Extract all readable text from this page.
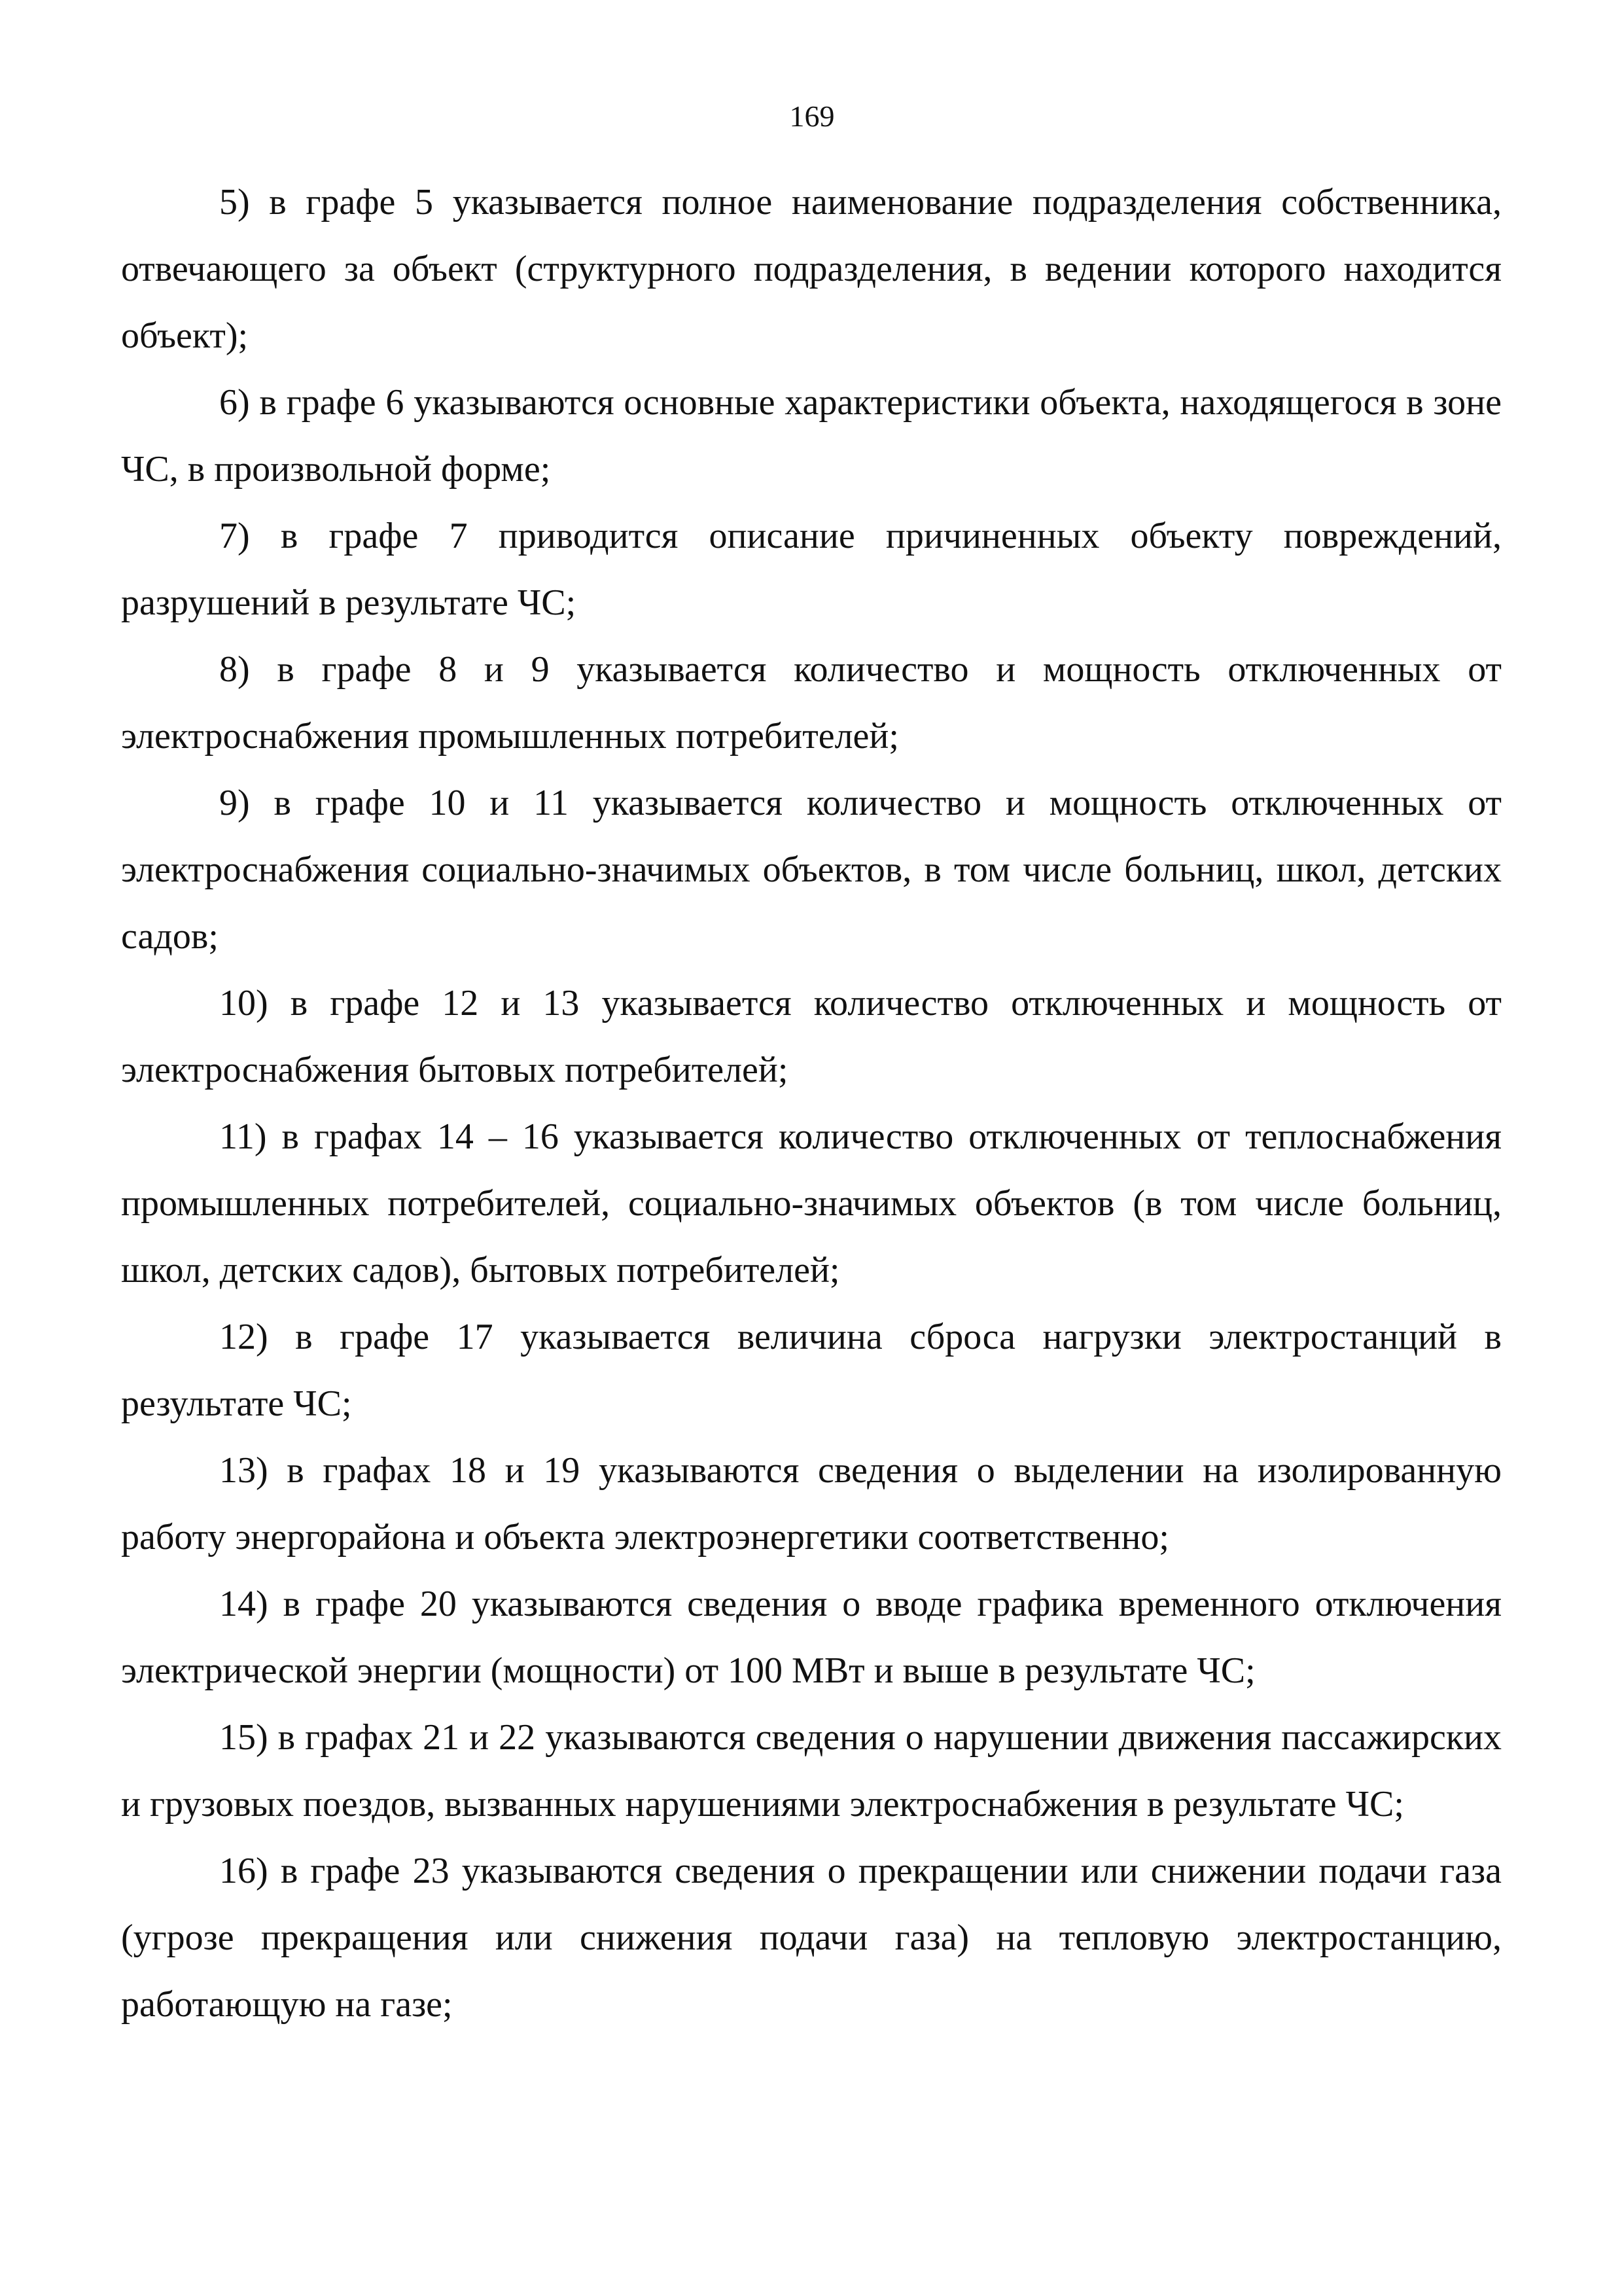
169

5) в графе 5 указывается полное наименование подразделения собственника, отвечающего за объект (структурного подразделения, в ведении которого находится объект);

6) в графе 6 указываются основные характеристики объекта, находящегося в зоне ЧС, в произвольной форме;

7) в графе 7 приводится описание причиненных объекту повреждений, разрушений в результате ЧС;

8) в графе 8 и 9 указывается количество и мощность отключенных от электроснабжения промышленных потребителей;

9) в графе 10 и 11 указывается количество и мощность отключенных от электроснабжения социально-значимых объектов, в том числе больниц, школ, детских садов;

10) в графе 12 и 13 указывается количество отключенных и мощность от электроснабжения бытовых потребителей;

11) в графах 14 – 16 указывается количество отключенных от теплоснабжения промышленных потребителей, социально-значимых объектов (в том числе больниц, школ, детских садов), бытовых потребителей;

12) в графе 17 указывается величина сброса нагрузки электростанций в результате ЧС;

13) в графах 18 и 19 указываются сведения о выделении на изолированную работу энергорайона и объекта электроэнергетики соответственно;

14) в графе 20 указываются сведения о вводе графика временного отключения электрической энергии (мощности) от 100 МВт и выше в результате ЧС;

15) в графах 21 и 22 указываются сведения о нарушении движения пассажирских и грузовых поездов, вызванных нарушениями электроснабжения в результате ЧС;

16) в графе 23 указываются сведения о прекращении или снижении подачи газа (угрозе прекращения или снижения подачи газа) на тепловую электростанцию, работающую на газе;
